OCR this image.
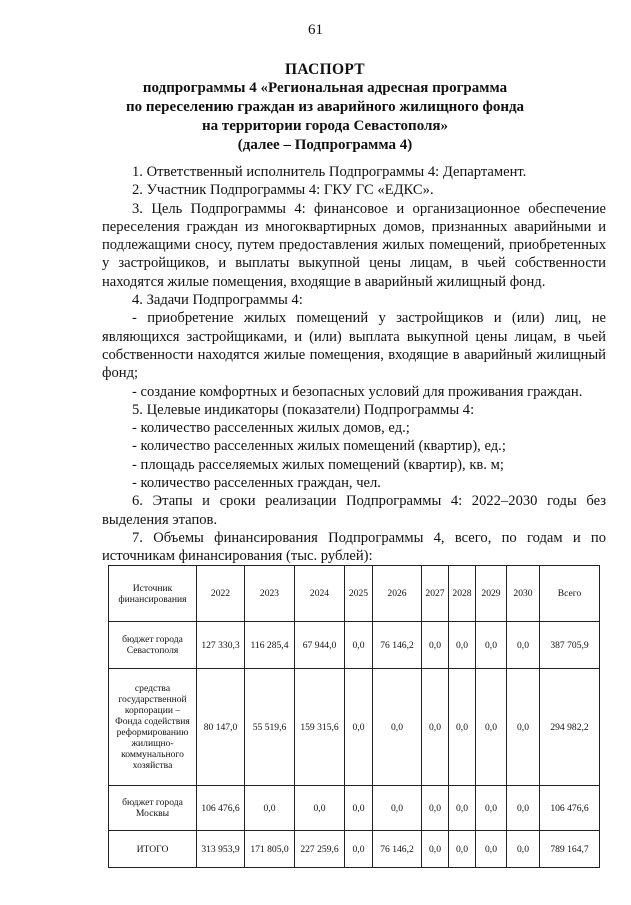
61
ПАСПОРТ
подпрограммы 4 «Региональная адресная программа
по переселению граждан из аварийного жилищного фонда
на территории города Севастополя»
(далее – Подпрограмма 4)

1. Ответственный исполнитель Подпрограммы 4: Департамент.

2. Участник Подпрограммы 4: ГКУ ГС «ЕДКС».

3. Цель Подпрограммы 4: финансовое и организационное обеспечение переселения граждан из многоквартирных домов, признанных аварийными и подлежащими сносу, путем предоставления жилых помещений, приобретенных у застройщиков, и выплаты выкупной цены лицам, в чьей собственности находятся жилые помещения, входящие в аварийный жилищный фонд.

4. Задачи Подпрограммы 4:

- приобретение жилых помещений у застройщиков и (или) лиц, не являющихся застройщиками, и (или) выплата выкупной цены лицам, в чьей собственности находятся жилые помещения, входящие в аварийный жилищный фонд;

- создание комфортных и безопасных условий для проживания граждан.

5. Целевые индикаторы (показатели) Подпрограммы 4:

- количество расселенных жилых домов, ед.;

- количество расселенных жилых помещений (квартир), ед.;

- площадь расселяемых жилых помещений (квартир), кв. м;

- количество расселенных граждан, чел.

6. Этапы и сроки реализации Подпрограммы 4: 2022–2030 годы без выделения этапов.

7. Объемы финансирования Подпрограммы 4, всего, по годам и по источникам финансирования (тыс. рублей):

Источник финансирования	2022	2023	2024	2025	2026	2027	2028	2029	2030	Всего
бюджет города Севастополя	127 330,3	116 285,4	67 944,0	0,0	76 146,2	0,0	0,0	0,0	0,0	387 705,9
средства государственной корпорации – Фонда содействия реформированию жилищно-коммунального хозяйства	80 147,0	55 519,6	159 315,6	0,0	0,0	0,0	0,0	0,0	0,0	294 982,2
бюджет города Москвы	106 476,6	0,0	0,0	0,0	0,0	0,0	0,0	0,0	0,0	106 476,6
ИТОГО	313 953,9	171 805,0	227 259,6	0,0	76 146,2	0,0	0,0	0,0	0,0	789 164,7
